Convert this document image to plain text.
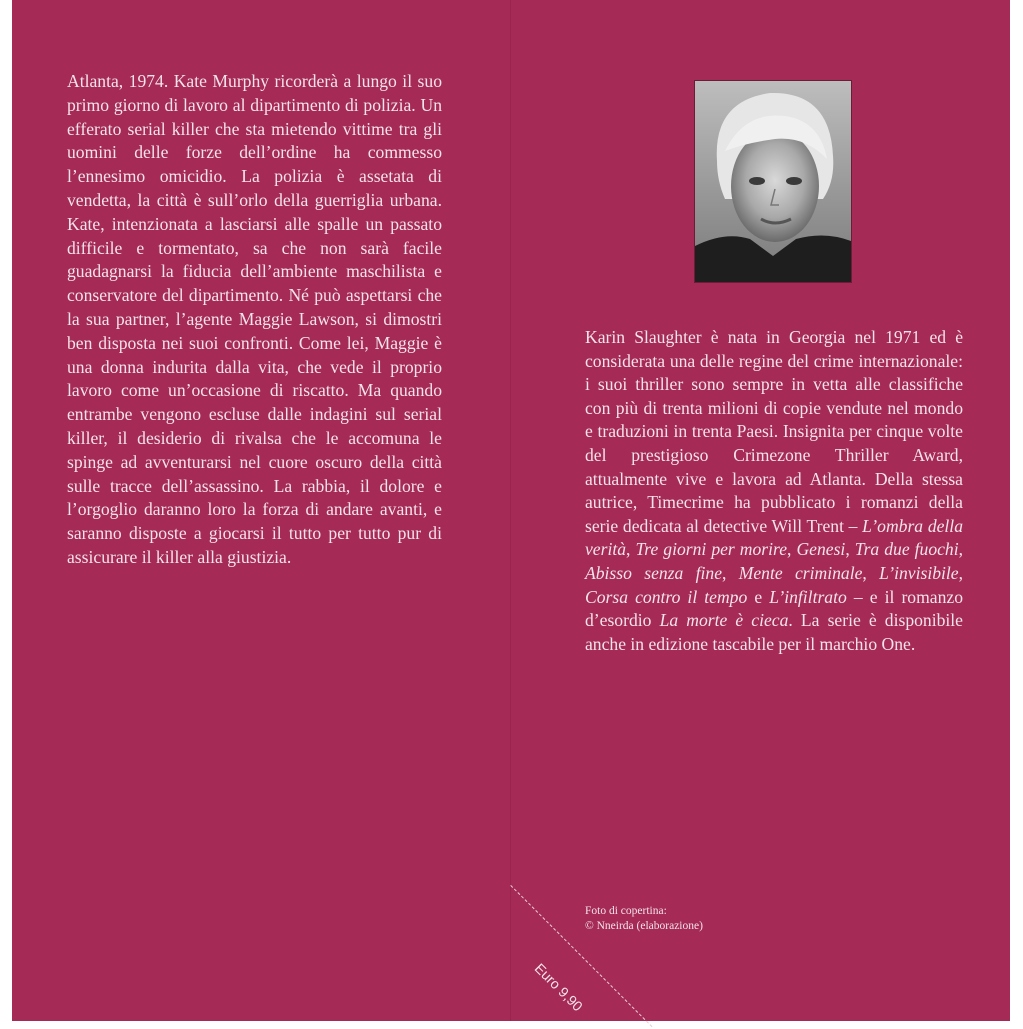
Atlanta, 1974. Kate Murphy ricorderà a lungo il suo primo giorno di lavoro al dipartimento di polizia. Un efferato serial killer che sta mietendo vittime tra gli uomini delle forze dell’ordine ha commesso l’ennesimo omicidio. La polizia è assetata di vendetta, la città è sull’orlo della guerriglia urbana. Kate, intenzionata a lasciarsi alle spalle un passato difficile e tormentato, sa che non sarà facile guadagnarsi la fiducia dell’ambiente maschilista e conservatore del dipartimento. Né può aspettarsi che la sua partner, l’agente Maggie Lawson, si dimostri ben disposta nei suoi confronti. Come lei, Maggie è una donna indurita dalla vita, che vede il proprio lavoro come un’occasione di riscatto. Ma quando entrambe vengono escluse dalle indagini sul serial killer, il desiderio di rivalsa che le accomuna le spinge ad avventurarsi nel cuore oscuro della città sulle tracce dell’assassino. La rabbia, il dolore e l’orgoglio daranno loro la forza di andare avanti, e saranno disposte a giocarsi il tutto per tutto pur di assicurare il killer alla giustizia.

Karin Slaughter è nata in Georgia nel 1971 ed è considerata una delle regine del crime internazionale: i suoi thriller sono sempre in vetta alle classifiche con più di trenta milioni di copie vendute nel mondo e traduzioni in trenta Paesi. Insignita per cinque volte del prestigioso Crimezone Thriller Award, attualmente vive e lavora ad Atlanta. Della stessa autrice, Timecrime ha pubblicato i romanzi della serie dedicata al detective Will Trent – L’ombra della verità, Tre giorni per morire, Genesi, Tra due fuochi, Abisso senza fine, Mente criminale, L’invisibile, Corsa contro il tempo e L’infiltrato – e il romanzo d’esordio La morte è cieca. La serie è disponibile anche in edizione tascabile per il marchio One.

Foto di copertina:
© Nneirda (elaborazione)
Euro 9,90
